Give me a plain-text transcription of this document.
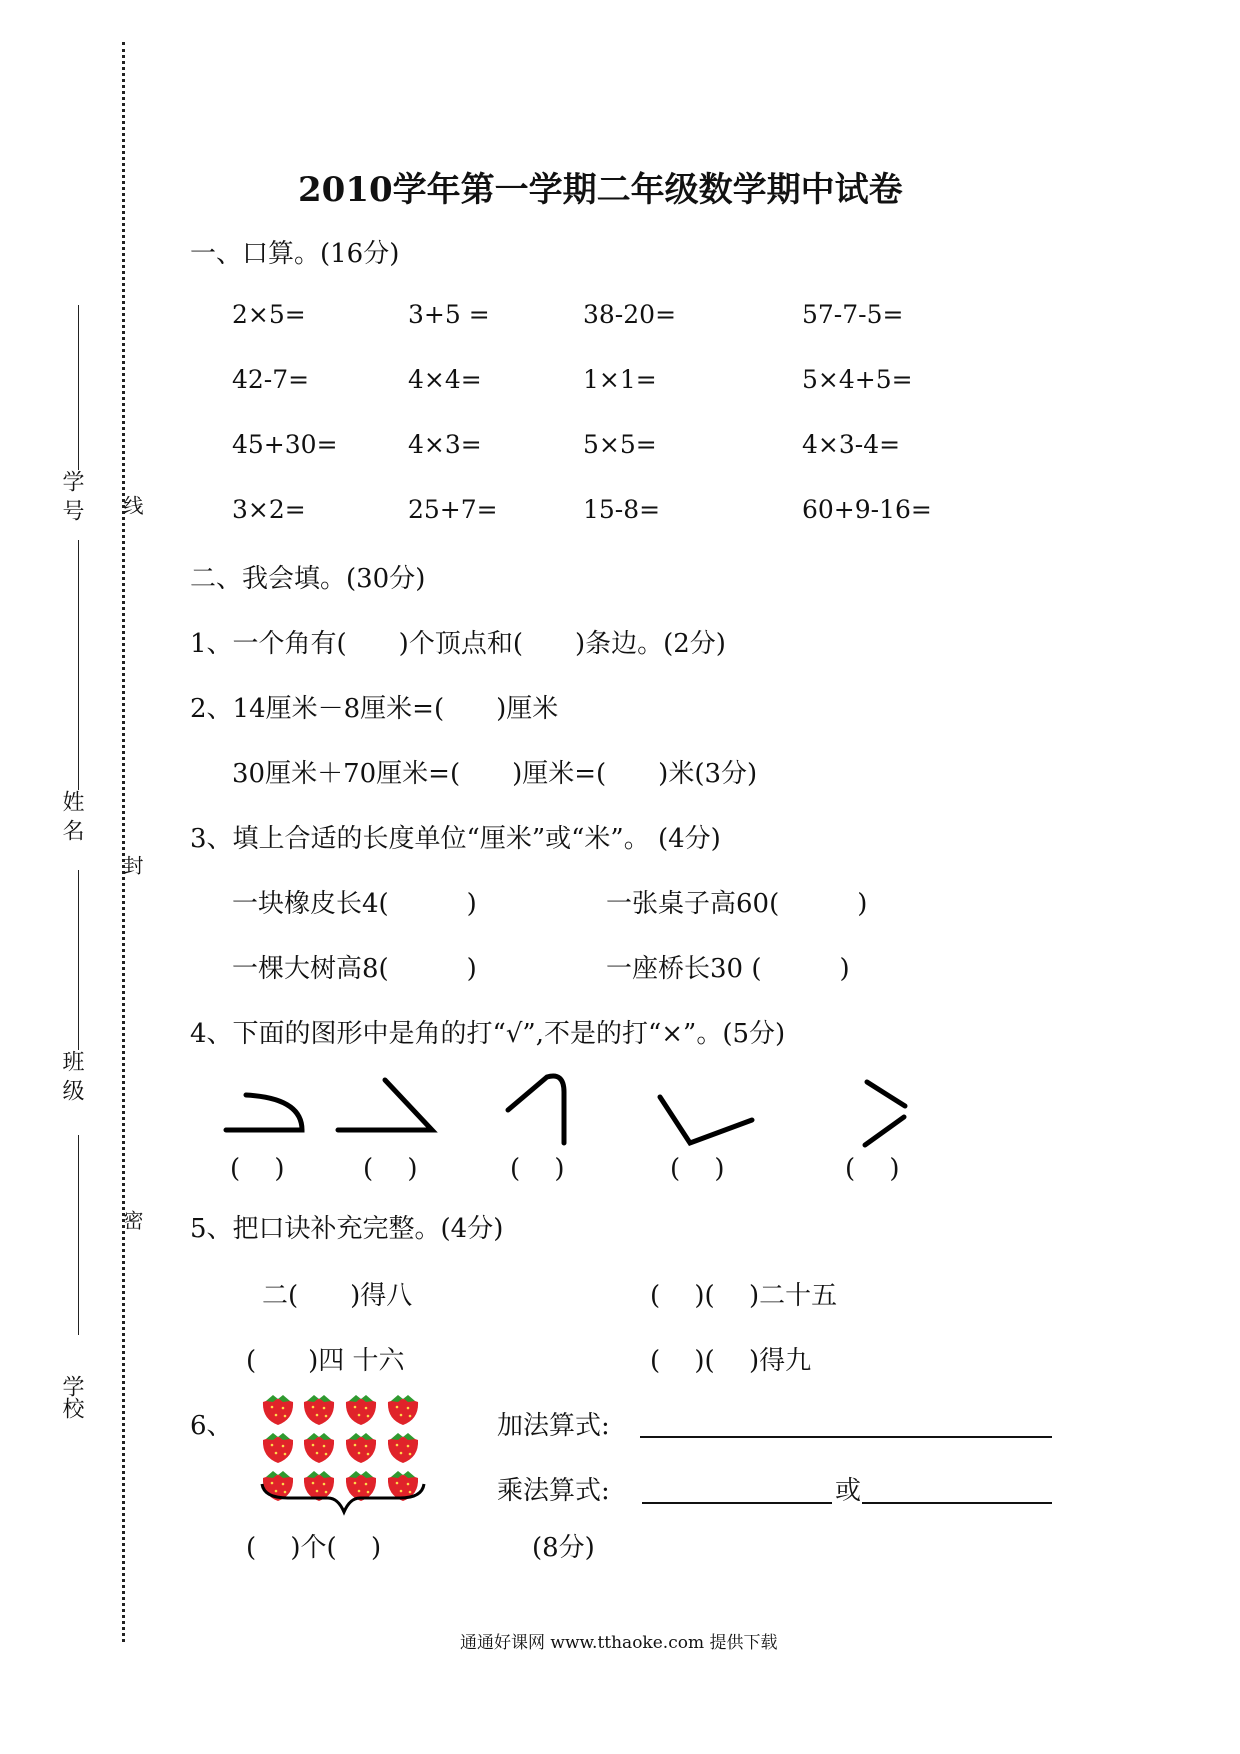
学 号
姓 名
班 级
学校
线
封
密
2010学年第一学期二年级数学期中试卷
一、口算。(16分)
2×5=	3+5 =	38-20=	57-7-5=
42-7=	4×4=	1×1=	5×4+5=
45+30=	4×3=	5×5=	4×3-4=
3×2=	25+7=	15-8=	60+9-16=
二、我会填。(30分)
1、一个角有(　　)个顶点和(　　)条边。(2分)
2、14厘米－8厘米=(　　)厘米
30厘米＋70厘米=(　　)厘米=(　　)米(3分)
3、填上合适的长度单位“厘米”或“米”。 (4分)
一块橡皮长4(　　　)	一张桌子高60(　　　)
一棵大树高8(　　　)	一座桥长30 (　　　)
4、下面的图形中是角的打“√”,不是的打“×”。(5分)
(　 )	(　 )	(　 )	(　 )	(　 )
5、把口诀补充完整。(4分)
二(　　)得八	(　 )(　 )二十五
(　　)四 十六	(　 )(　 )得九
6、
(　 )个(　 )	(8分)
加法算式:
乘法算式:	或
通通好课网 www.tthaoke.com 提供下载
